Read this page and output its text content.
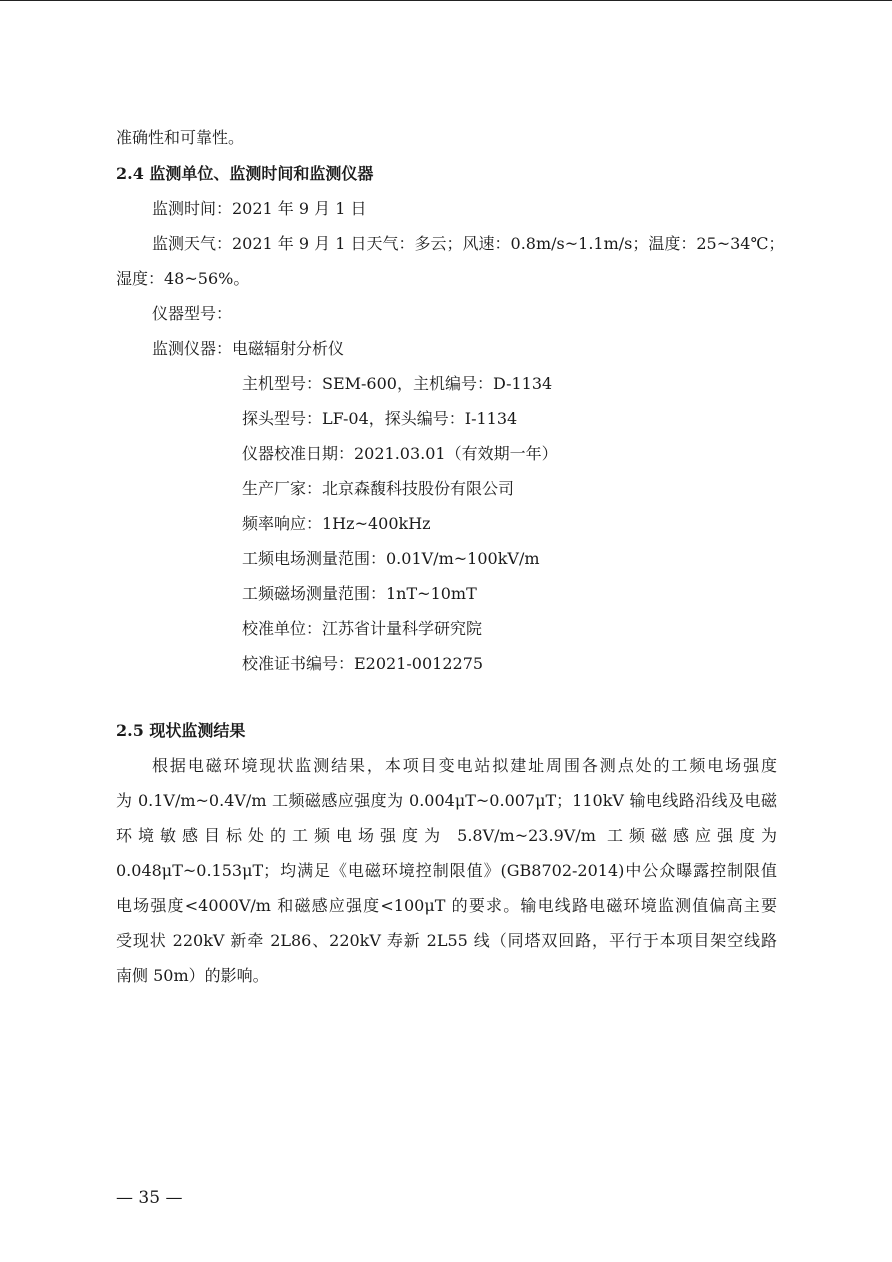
准确性和可靠性。
2.4 监测单位、监测时间和监测仪器
监测时间：2021 年 9 月 1 日
监测天气：2021 年 9 月 1 日天气：多云；风速：0.8m/s~1.1m/s；温度：25~34℃；
湿度：48~56%。
仪器型号：
监测仪器：电磁辐射分析仪
主机型号：SEM-600，主机编号：D-1134
探头型号：LF-04，探头编号：I-1134
仪器校准日期：2021.03.01（有效期一年）
生产厂家：北京森馥科技股份有限公司
频率响应：1Hz~400kHz
工频电场测量范围：0.01V/m~100kV/m
工频磁场测量范围：1nT~10mT
校准单位：江苏省计量科学研究院
校准证书编号：E2021-0012275
2.5 现状监测结果
根据电磁环境现状监测结果，本项目变电站拟建址周围各测点处的工频电场强度
为 0.1V/m~0.4V/m 工频磁感应强度为 0.004μT~0.007μT；110kV 输电线路沿线及电磁
环境敏感目标处的工频电场强度为 5.8V/m~23.9V/m 工频磁感应强度为
0.048μT~0.153μT；均满足《电磁环境控制限值》(GB8702-2014)中公众曝露控制限值
电场强度<4000V/m 和磁感应强度<100μT 的要求。输电线路电磁环境监测值偏高主要
受现状 220kV 新牵 2L86、220kV 寿新 2L55 线（同塔双回路，平行于本项目架空线路
南侧 50m）的影响。
— 35 —
